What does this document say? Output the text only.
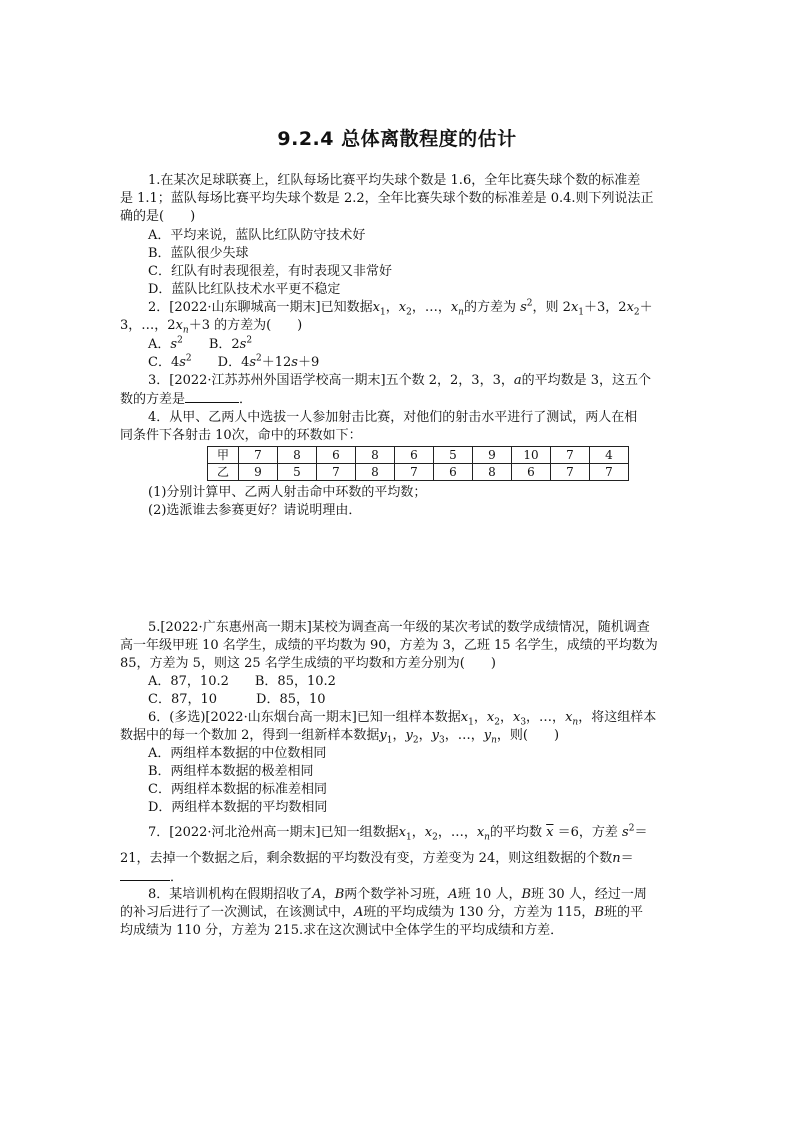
9.2.4 总体离散程度的估计
1.在某次足球联赛上，红队每场比赛平均失球个数是 1.6，全年比赛失球个数的标准差
是 1.1；蓝队每场比赛平均失球个数是 2.2，全年比赛失球个数的标准差是 0.4.则下列说法正
确的是(　　)
A．平均来说，蓝队比红队防守技术好
B．蓝队很少失球
C．红队有时表现很差，有时表现又非常好
D．蓝队比红队技术水平更不稳定
2．[2022·山东聊城高一期末]已知数据$x_1$，$x_2$，…，$x_n$的方差为 $s^2$，则 $2x_1+3$，$2x_2+$
3，…，$2x_n+3$ 的方差为(　　)
A．$s^2$　　 B．$2s^2$
C．$4s^2$　　 D．$4s^2+12s+9$
3．[2022·江苏苏州外国语学校高一期末]五个数 2，2，3，3，a的平均数是 3，这五个
数的方差是	．
4．从甲、乙两人中选拔一人参加射击比赛，对他们的射击水平进行了测试，两人在相
同条件下各射击 10次，命中的环数如下：
甲	7	8	6	8	6	5	9	10	7	4
乙	9	5	7	8	7	6	8	6	7	7
(1)分别计算甲、乙两人射击命中环数的平均数；
(2)选派谁去参赛更好？请说明理由．
5.[2022·广东惠州高一期末]某校为调查高一年级的某次考试的数学成绩情况，随机调查
高一年级甲班 10 名学生，成绩的平均数为 90，方差为 3，乙班 15 名学生，成绩的平均数为
85，方差为 5，则这 25 名学生成绩的平均数和方差分别为(　　)
A．87，10.2　　B．85，10.2
C．87，10　　　D．85，10
6．(多选)[2022·山东烟台高一期末]已知一组样本数据$x_1$，$x_2$，$x_3$，…，$x_n$，将这组样本
数据中的每一个数加 2，得到一组新样本数据$y_1$，$y_2$，$y_3$，…，$y_n$，则(　　)
A．两组样本数据的中位数相同
B．两组样本数据的极差相同
C．两组样本数据的标准差相同
D．两组样本数据的平均数相同
7．[2022·河北沧州高一期末]已知一组数据$x_1$，$x_2$，…，$x_n$的平均数 $\overline{x} =6$，方差 $s^2=$
21，去掉一个数据之后，剩余数据的平均数没有变，方差变为 24，则这组数据的个数n＝
．
8．某培训机构在假期招收了A，B两个数学补习班，A班 10 人，B班 30 人，经过一周
的补习后进行了一次测试，在该测试中，A班的平均成绩为 130 分，方差为 115，B班的平
均成绩为 110 分，方差为 215.求在这次测试中全体学生的平均成绩和方差．
